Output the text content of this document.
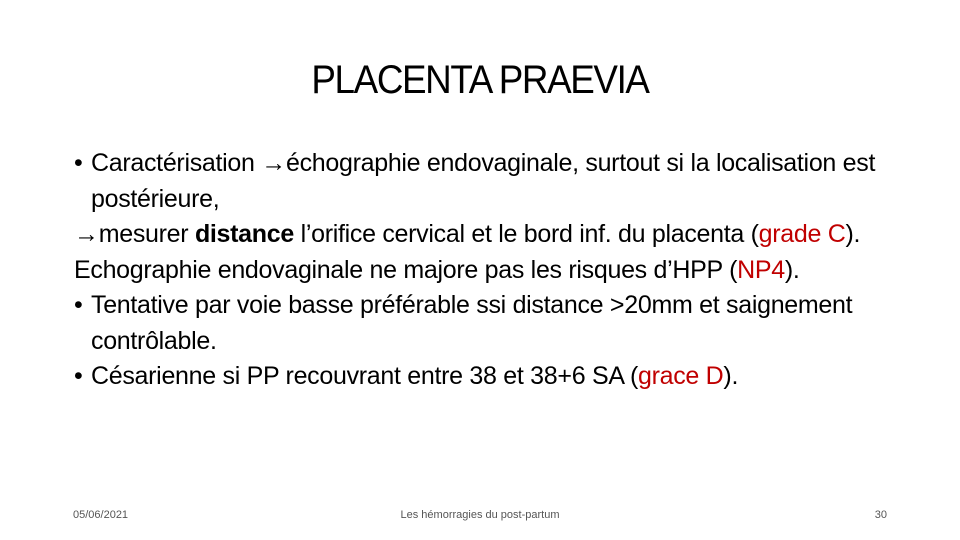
PLACENTA PRAEVIA

• Caractérisation →échographie endovaginale, surtout si la localisation est postérieure,

→mesurer distance l’orifice cervical et le bord inf. du placenta (grade C). Echographie endovaginale ne majore pas les risques d’HPP (NP4).

• Tentative par voie basse préférable ssi distance >20mm et saignement contrôlable.

• Césarienne si PP recouvrant entre 38 et 38+6 SA (grace D).

05/06/2021	Les hémorragies du post-partum	30
